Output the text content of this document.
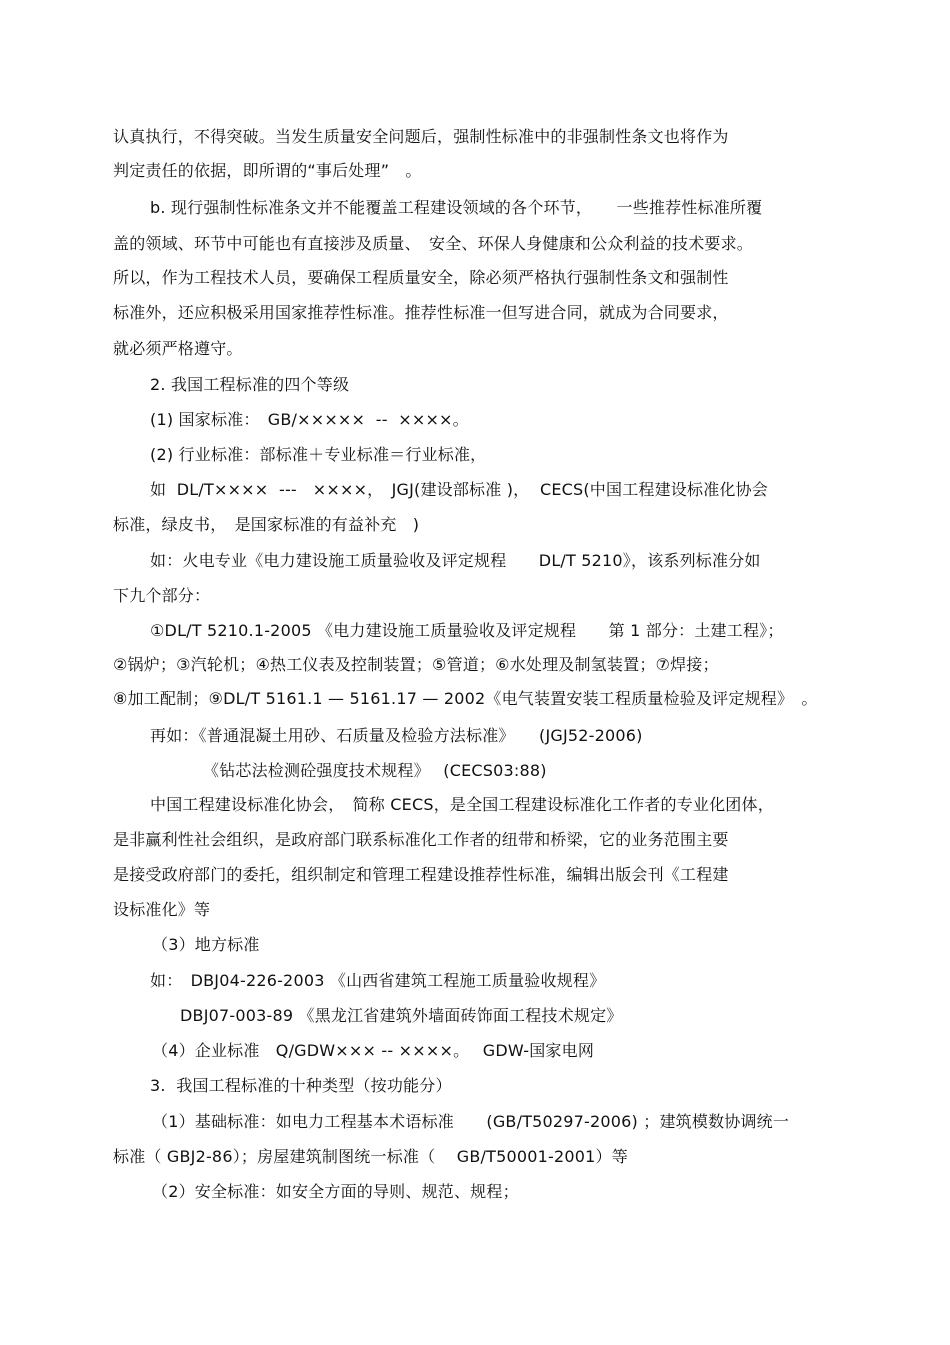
认真执行，不得突破。当发生质量安全问题后，强制性标准中的非强制性条文也将作为
判定责任的依据，即所谓的“事后处理”　。
b. 现行强制性标准条文并不能覆盖工程建设领域的各个环节，　　一些推荐性标准所覆
盖的领域、环节中可能也有直接涉及质量、　安全、环保人身健康和公众利益的技术要求。
所以，作为工程技术人员，要确保工程质量安全，除必须严格执行强制性条文和强制性
标准外，还应积极采用国家推荐性标准。推荐性标准一但写进合同，就成为合同要求，
就必须严格遵守。
2. 我国工程标准的四个等级
(1) 国家标准：　GB/×××××  --  ××××。
(2) 行业标准：部标准＋专业标准＝行业标准，
如  DL/T××××  ---   ××××，　JGJ(建设部标准 )，  CECS(中国工程建设标准化协会
标准，绿皮书，　是国家标准的有益补充　)
如：火电专业《电力建设施工质量验收及评定规程　　DL/T 5210》，该系列标准分如
下九个部分：
①DL/T 5210.1-2005 《电力建设施工质量验收及评定规程　　第 1 部分：土建工程》；
②锅炉；③汽轮机；④热工仪表及控制装置；⑤管道；⑥水处理及制氢装置；⑦焊接；
⑧加工配制；⑨DL/T 5161.1 — 5161.17 — 2002《电气装置安装工程质量检验及评定规程》　。
再如：《普通混凝土用砂、石质量及检验方法标准》　　(JGJ52-2006)
《钻芯法检测砼强度技术规程》　 (CECS03:88)
中国工程建设标准化协会，　简称 CECS，是全国工程建设标准化工作者的专业化团体，
是非赢利性社会组织，是政府部门联系标准化工作者的纽带和桥梁，它的业务范围主要
是接受政府部门的委托，组织制定和管理工程建设推荐性标准，编辑出版会刊《工程建
设标准化》等
（3）地方标准
如：　DBJ04-226-2003 《山西省建筑工程施工质量验收规程》
DBJ07-003-89 《黑龙江省建筑外墙面砖饰面工程技术规定》
（4）企业标准　Q/GDW××× -- ××××。　 GDW-国家电网
3.  我国工程标准的十种类型（按功能分）
（1）基础标准：如电力工程基本术语标准　　(GB/T50297-2006) ；建筑模数协调统一
标准（ GBJ2-86）；房屋建筑制图统一标准（　 GB/T50001-2001）等
（2）安全标准：如安全方面的导则、规范、规程；
